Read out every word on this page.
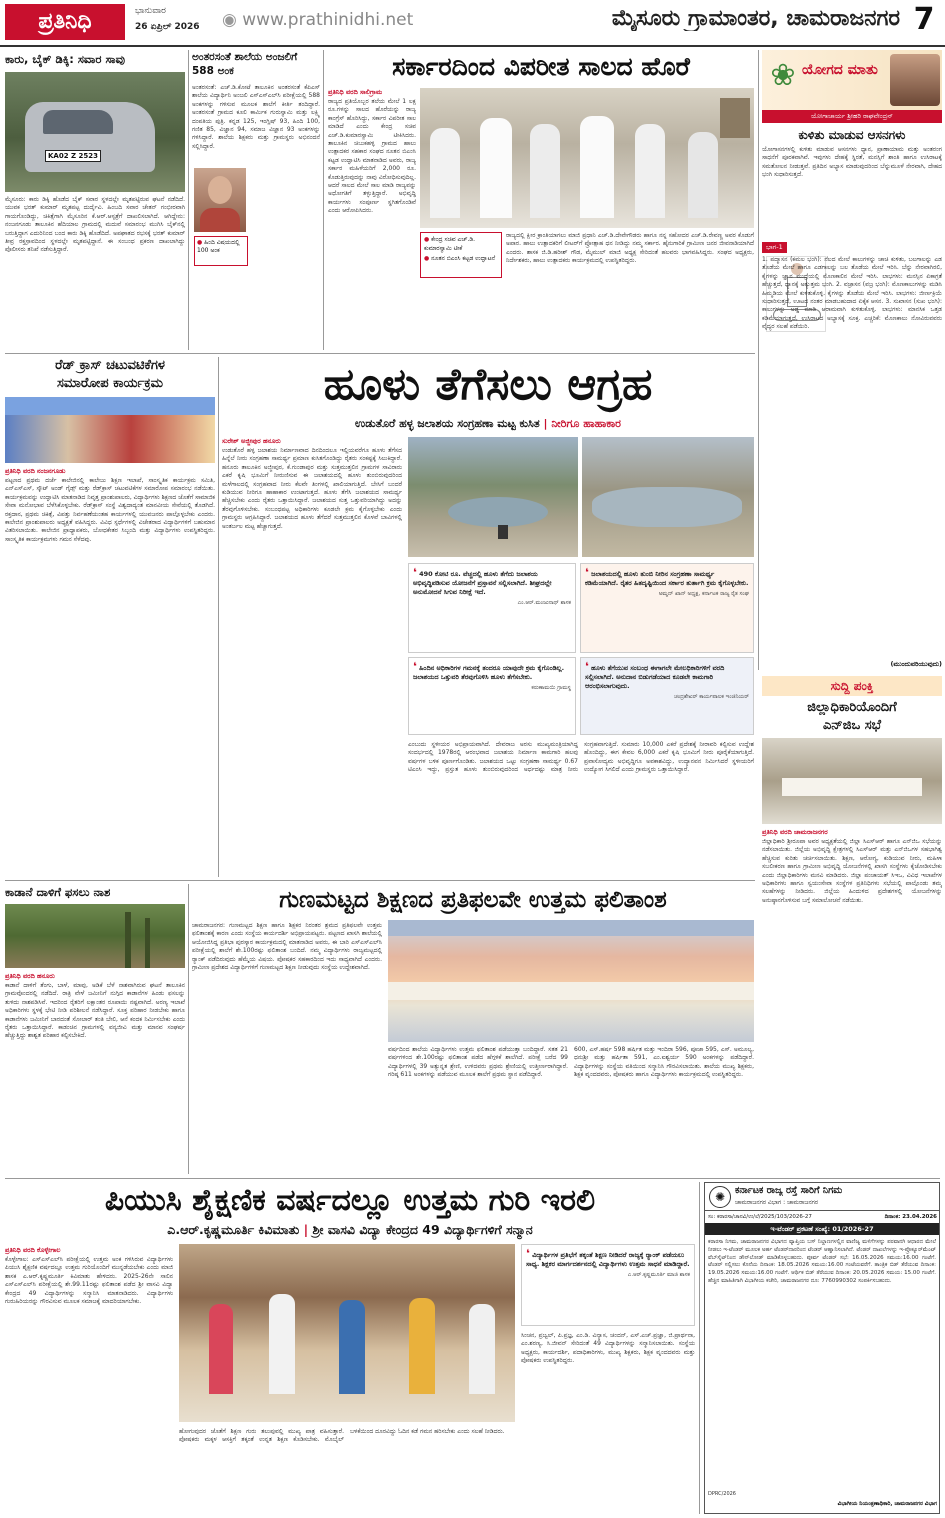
ಪ್ರತಿನಿಧಿ	ಭಾನುವಾರ
26 ಏಪ್ರಿಲ್ 2026 ◉ www.prathinidhi.net	ಮೈಸೂರು ಗ್ರಾಮಾಂತರ, ಚಾಮರಾಜನಗರ 7
ಕಾರು, ಬೈಕ್ ಡಿಕ್ಕಿ: ಸವಾರ ಸಾವು
KA02 Z 2523
ಮೈಸೂರು: ಕಾರು ಡಿಕ್ಕಿ ಹೊಡೆದ ಬೈಕ್ ಸವಾರ ಸ್ಥಳದಲ್ಲೇ ಮೃತಪಟ್ಟಿರುವ ಘಟನೆ ನಡೆದಿದೆ. ಯುವಕ ಭರತ್ ಕುಮಾರ್ ಮೃತಪಟ್ಟ ದುರ್ದೈವಿ. ಹಿಂಬದಿ ಸವಾರ ಚೇತನ್ ಗಂಭೀರವಾಗಿ ಗಾಯಗೊಂಡಿದ್ದು, ಚಿಕಿತ್ಸೆಗಾಗಿ ಮೈಸೂರಿನ ಕೆ.ಆರ್.ಆಸ್ಪತ್ರೆಗೆ ದಾಖಲಿಸಲಾಗಿದೆ. ಆಗಿದ್ದೇನು: ನಂಜನಗೂಡು ತಾಲೂಕಿನ ಹೆದಿಯಾಲ ಗ್ರಾಮದಲ್ಲಿ ಮದುವೆ ಸಮಾರಂಭ ಮುಗಿಸಿ ಬೈಕ್‌ನಲ್ಲಿ ಬರುತ್ತಿದ್ದಾಗ ಎದುರಿನಿಂದ ಬಂದ ಕಾರು ಡಿಕ್ಕಿ ಹೊಡೆದಿದೆ. ಅಪಘಾತದ ರಭಸಕ್ಕೆ ಭರತ್ ಕುಮಾರ್ ತೀವ್ರ ರಕ್ತಸ್ರಾವದಿಂದ ಸ್ಥಳದಲ್ಲೇ ಮೃತಪಟ್ಟಿದ್ದಾನೆ. ಈ ಸಂಬಂಧ ಪ್ರಕರಣ ದಾಖಲಾಗಿದ್ದು ಪೊಲೀಸರು ತನಿಖೆ ನಡೆಸುತ್ತಿದ್ದಾರೆ.
ಅಂತರಸಂತೆ ಶಾಲೆಯ ಅಂಜಲಿಗೆ 588 ಅಂಕ
● ಹಿಂದಿ ವಿಷಯದಲ್ಲಿ 100 ಅಂಕ
ಅಂತರಸಂತೆ: ಎಚ್.ಡಿ.ಕೋಟೆ ತಾಲೂಕಿನ ಅಂತರಸಂತೆ ಕೆಪಿಎಸ್ ಶಾಲೆಯ ವಿದ್ಯಾರ್ಥಿನಿ ಅಂಜಲಿ ಎಸ್ಎಸ್ಎಲ್‌ಸಿ ಪರೀಕ್ಷೆಯಲ್ಲಿ 588 ಅಂಕಗಳನ್ನು ಗಳಿಸುವ ಮೂಲಕ ಶಾಲೆಗೆ ಕೀರ್ತಿ ತಂದಿದ್ದಾರೆ. ಅಂತರಸಂತೆ ಗ್ರಾಮದ ಕೂಲಿ ಕಾರ್ಮಿಕ ಗುರುಸ್ವಾಮಿ ಮತ್ತು ಲಕ್ಷ್ಮಿ ದಂಪತಿಯ ಪುತ್ರಿ. ಕನ್ನಡ 125, ಇಂಗ್ಲಿಷ್ 93, ಹಿಂದಿ 100, ಗಣಿತ 85, ವಿಜ್ಞಾನ 94, ಸಮಾಜ ವಿಜ್ಞಾನ 93 ಅಂಕಗಳನ್ನು ಗಳಿಸಿದ್ದಾರೆ. ಶಾಲೆಯ ಶಿಕ್ಷಕರು ಮತ್ತು ಗ್ರಾಮಸ್ಥರು ಅಭಿನಂದನೆ ಸಲ್ಲಿಸಿದ್ದಾರೆ.
ಸರ್ಕಾರದಿಂದ ವಿಪರೀತ ಸಾಲದ ಹೊರೆ
ಪ್ರತಿನಿಧಿ ವರದಿ ಸಾಲಿಗ್ರಾಮ
ರಾಜ್ಯದ ಪ್ರತಿಯೊಬ್ಬರ ತಲೆಯ ಮೇಲೆ 1 ಲಕ್ಷ ರೂ.ಗಳನ್ನು ಸಾಲದ ಹೊರೆಯನ್ನು ರಾಜ್ಯ ಕಾಂಗ್ರೆಸ್ ಹೊರಿಸಿದ್ದು, ಸರ್ಕಾರ ವಿಪರೀತ ಸಾಲ ಮಾಡಿದೆ ಎಂದು ಕೇಂದ್ರ ಸಚಿವ ಎಚ್.ಡಿ.ಕುಮಾರಸ್ವಾಮಿ ಟೀಕಿಸಿದರು. ತಾಲೂಕಿನ ಚಿಬುಕಹಳ್ಳಿ ಗ್ರಾಮದ ಹಾಲು ಉತ್ಪಾದಕರ ಸಹಕಾರ ಸಂಘದ ನೂತನ ಬಿಎಂಸಿ ಕಟ್ಟಡ ಉದ್ಘಾಟಿಸಿ ಮಾತನಾಡಿದ ಅವರು, ರಾಜ್ಯ ಸರ್ಕಾರ ಮಹಿಳೆಯರಿಗೆ 2,000 ರೂ. ಕೊಡುತ್ತಿರುವುದನ್ನು ನಾವು ವಿರೋಧಿಸುವುದಿಲ್ಲ. ಆದರೆ ಸಾಲದ ಮೇಲೆ ಸಾಲ ಮಾಡಿ ರಾಜ್ಯವನ್ನು ಅಧೋಗತಿಗೆ ತಳ್ಳುತ್ತಿದ್ದಾರೆ. ಅಭಿವೃದ್ಧಿ ಕಾರ್ಯಗಳು ಸಂಪೂರ್ಣ ಸ್ಥಗಿತಗೊಂಡಿವೆ ಎಂದು ಆರೋಪಿಸಿದರು.
● ಕೇಂದ್ರ ಸಚಿವ ಎಚ್.ಡಿ. ಕುಮಾರಸ್ವಾಮಿ ಟೀಕೆ
● ನೂತನ ಬಿಎಂಸಿ ಕಟ್ಟಡ ಉದ್ಘಾಟನೆ
ರಾಜ್ಯದಲ್ಲಿ ಕ್ಷೀರ ಕ್ರಾಂತಿಯಾಗಲು ಮಾಜಿ ಪ್ರಧಾನಿ ಎಚ್.ಡಿ.ದೇವೇಗೌಡರು ಹಾಗೂ ನನ್ನ ಸಹೋದರ ಎಚ್.ಡಿ.ರೇವಣ್ಣ ಅವರ ಕೊಡುಗೆ ಅಪಾರ. ಹಾಲು ಉತ್ಪಾದಕರಿಗೆ ಲೀಟರ್‌ಗೆ ಪ್ರೋತ್ಸಾಹ ಧನ ನೀಡಿದ್ದು ನಮ್ಮ ಸರ್ಕಾರ. ಹೈನುಗಾರಿಕೆ ಗ್ರಾಮೀಣ ಜನರ ಜೀವನಾಡಿಯಾಗಿದೆ ಎಂದರು. ಶಾಸಕ ಜಿ.ಡಿ.ಹರೀಶ್ ಗೌಡ, ಮೈಮುಲ್ ಮಾಜಿ ಅಧ್ಯಕ್ಷ ಸೇರಿದಂತೆ ಹಲವರು ಭಾಗವಹಿಸಿದ್ದರು. ಸಂಘದ ಅಧ್ಯಕ್ಷರು, ನಿರ್ದೇಶಕರು, ಹಾಲು ಉತ್ಪಾದಕರು ಕಾರ್ಯಕ್ರಮದಲ್ಲಿ ಉಪಸ್ಥಿತರಿದ್ದರು.
❀ ಯೋಗದ ಮಾತು
ಯೋಗಾಚಾರ್ಯ ಶ್ರೀಹರಿ ರಾಘವೇಂದ್ರನ್
ಕುಳಿತು ಮಾಡುವ ಆಸನಗಳು
ಯೋಗಾಸನಗಳಲ್ಲಿ ಕುಳಿತು ಮಾಡುವ ಆಸನಗಳು ಧ್ಯಾನ, ಪ್ರಾಣಾಯಾಮ ಮತ್ತು ಅಂತರಂಗ ಸಾಧನೆಗೆ ಪೂರಕವಾಗಿವೆ. ಇವುಗಳು ದೇಹಕ್ಕೆ ಸ್ಥಿರತೆ, ಮನಸ್ಸಿಗೆ ಶಾಂತಿ ಹಾಗೂ ಉಸಿರಾಟಕ್ಕೆ ಸಮತೋಲನ ನೀಡುತ್ತವೆ. ಪ್ರತಿದಿನ ಅಭ್ಯಾಸ ಮಾಡುವುದರಿಂದ ಬೆನ್ನುಮೂಳೆ ನೇರವಾಗಿ, ದೇಹದ ಭಂಗಿ ಸುಧಾರಿಸುತ್ತದೆ.
ಭಾಗ-1
1. ಪದ್ಮಾಸನ (ಕಮಲ ಭಂಗಿ): ನೆಲದ ಮೇಲೆ ಕಾಲುಗಳನ್ನು ಚಾಚಿ ಕುಳಿತು, ಬಲಗಾಲನ್ನು ಎಡ ತೊಡೆಯ ಮೇಲೆ ಹಾಗೂ ಎಡಗಾಲನ್ನು ಬಲ ತೊಡೆಯ ಮೇಲೆ ಇರಿಸಿ. ಬೆನ್ನು ನೇರವಾಗಿರಲಿ, ಕೈಗಳನ್ನು ಜ್ಞಾನ ಮುದ್ರೆಯಲ್ಲಿ ಮೊಣಕಾಲಿನ ಮೇಲೆ ಇರಿಸಿ. ಲಾಭಗಳು: ಮನಸ್ಸಿನ ಏಕಾಗ್ರತೆ ಹೆಚ್ಚುತ್ತದೆ, ಧ್ಯಾನಕ್ಕೆ ಅತ್ಯುತ್ತಮ ಭಂಗಿ. 2. ವಜ್ರಾಸನ (ವಜ್ರ ಭಂಗಿ): ಮೊಣಕಾಲುಗಳನ್ನು ಮಡಿಸಿ ಹಿಮ್ಮಡಿಯ ಮೇಲೆ ಕುಳಿತುಕೊಳ್ಳಿ. ಕೈಗಳನ್ನು ತೊಡೆಯ ಮೇಲೆ ಇರಿಸಿ. ಲಾಭಗಳು: ಜೀರ್ಣಕ್ರಿಯೆ ಸುಧಾರಿಸುತ್ತದೆ, ಊಟದ ನಂತರ ಮಾಡಬಹುದಾದ ಏಕೈಕ ಆಸನ. 3. ಸುಖಾಸನ (ಸುಖ ಭಂಗಿ): ಕಾಲುಗಳನ್ನು ಅಡ್ಡ ಮಾಡಿ ಆರಾಮವಾಗಿ ಕುಳಿತುಕೊಳ್ಳಿ. ಲಾಭಗಳು: ಮಾನಸಿಕ ಒತ್ತಡ ಕಡಿಮೆಯಾಗುತ್ತದೆ, ಉಸಿರಾಟದ ಅಭ್ಯಾಸಕ್ಕೆ ಸೂಕ್ತ. ಎಚ್ಚರಿಕೆ: ಮೊಣಕಾಲು ನೋವಿರುವವರು ವೈದ್ಯರ ಸಲಹೆ ಪಡೆಯಿರಿ.
(ಮುಂದುವರಿಯುವುದು)
ರೆಡ್ ಕ್ರಾಸ್ ಚಟುವಟಿಕೆಗಳ
ಸಮಾರೋಪ ಕಾರ್ಯಕ್ರಮ
ಪ್ರತಿನಿಧಿ ವರದಿ ನಂಜನಗೂಡು
ಪಟ್ಟಣದ ಪ್ರಥಮ ದರ್ಜೆ ಕಾಲೇಜಿನಲ್ಲಿ ಕಾಲೇಜು ಶಿಕ್ಷಣ ಇಲಾಖೆ, ಸಾಂಸ್ಕೃತಿಕ ಕಾರ್ಯಕ್ರಮ ಸಮಿತಿ, ಎನ್‌ಎಸ್‌ಎಸ್, ಸ್ಕೌಟ್ ಅಂಡ್ ಗೈಡ್ಸ್ ಮತ್ತು ರೆಡ್‌ಕ್ರಾಸ್ ಚಟುವಟಿಕೆಗಳ ಸಮಾರೋಪ ಸಮಾರಂಭ ನಡೆಯಿತು. ಕಾರ್ಯಕ್ರಮವನ್ನು ಉದ್ಘಾಟಿಸಿ ಮಾತನಾಡಿದ ನಿವೃತ್ತ ಪ್ರಾಂಶುಪಾಲರು, ವಿದ್ಯಾರ್ಥಿಗಳು ಶಿಕ್ಷಣದ ಜೊತೆಗೆ ಸಾಮಾಜಿಕ ಸೇವಾ ಮನೋಭಾವ ಬೆಳೆಸಿಕೊಳ್ಳಬೇಕು. ರೆಡ್‌ಕ್ರಾಸ್ ಸಂಸ್ಥೆ ವಿಶ್ವದಾದ್ಯಂತ ಮಾನವೀಯ ಸೇವೆಯಲ್ಲಿ ತೊಡಗಿದೆ. ರಕ್ತದಾನ, ಪ್ರಥಮ ಚಿಕಿತ್ಸೆ, ವಿಪತ್ತು ನಿರ್ವಹಣೆಯಂತಹ ಕಾರ್ಯಗಳಲ್ಲಿ ಯುವಜನರು ಪಾಲ್ಗೊಳ್ಳಬೇಕು ಎಂದರು. ಕಾಲೇಜಿನ ಪ್ರಾಂಶುಪಾಲರು ಅಧ್ಯಕ್ಷತೆ ವಹಿಸಿದ್ದರು. ವಿವಿಧ ಸ್ಪರ್ಧೆಗಳಲ್ಲಿ ವಿಜೇತರಾದ ವಿದ್ಯಾರ್ಥಿಗಳಿಗೆ ಬಹುಮಾನ ವಿತರಿಸಲಾಯಿತು. ಕಾಲೇಜಿನ ಪ್ರಾಧ್ಯಾಪಕರು, ಬೋಧಕೇತರ ಸಿಬ್ಬಂದಿ ಮತ್ತು ವಿದ್ಯಾರ್ಥಿಗಳು ಉಪಸ್ಥಿತರಿದ್ದರು. ಸಾಂಸ್ಕೃತಿಕ ಕಾರ್ಯಕ್ರಮಗಳು ಗಮನ ಸೆಳೆದವು.
ಹೂಳು ತೆಗೆಸಲು ಆಗ್ರಹ
ಉಡುತೊರೆ ಹಳ್ಳ ಜಲಾಶಯ ಸಂಗ್ರಹಣಾ ಮಟ್ಟ ಕುಸಿತ | ನೀರಿಗೂ ಹಾಹಾಕಾರ
ಸುರೇಶ್ ಅಜ್ಜೀಪುರ ಹನೂರು
ಉಡುತೊರೆ ಹಳ್ಳ ಜಲಾಶಯ ನಿರ್ಮಾಣವಾದ ದಿನದಿಂದಲೂ ಇಲ್ಲಿಯವರೆಗೂ ಹೂಳು ತೆಗೆಸದ ಹಿನ್ನೆಲೆ ನೀರು ಸಂಗ್ರಹಣಾ ಸಾಮರ್ಥ್ಯ ಪ್ರಮಾಣ ಕುಸಿತಗೊಂಡಿದ್ದು ರೈತರು ಸಂಕಷ್ಟಕ್ಕೆ ಸಿಲುಕಿದ್ದಾರೆ. ಹನೂರು ತಾಲೂಕಿನ ಅಜ್ಜೀಪುರ, ಕೆ.ಗುಂಡಾಪುರ ಮತ್ತು ಸುತ್ತಮುತ್ತಲಿನ ಗ್ರಾಮಗಳ ಸಾವಿರಾರು ಎಕರೆ ಕೃಷಿ ಭೂಮಿಗೆ ನೀರುಣಿಸುವ ಈ ಜಲಾಶಯದಲ್ಲಿ ಹೂಳು ತುಂಬಿರುವುದರಿಂದ ಮಳೆಗಾಲದಲ್ಲಿ ಸಂಗ್ರಹವಾದ ನೀರು ಕೆಲವೇ ತಿಂಗಳಲ್ಲಿ ಖಾಲಿಯಾಗುತ್ತಿದೆ. ಬೇಸಿಗೆ ಬಂದರೆ ಕುಡಿಯುವ ನೀರಿಗೂ ಹಾಹಾಕಾರ ಉಂಟಾಗುತ್ತದೆ. ಹೂಳು ತೆಗೆಸಿ ಜಲಾಶಯದ ಸಾಮರ್ಥ್ಯ ಹೆಚ್ಚಿಸಬೇಕು ಎಂದು ರೈತರು ಒತ್ತಾಯಿಸಿದ್ದಾರೆ. ಜಲಾಶಯದ ಸುತ್ತ ಒತ್ತುವರಿಯಾಗಿದ್ದು ಅದನ್ನು ತೆರವುಗೊಳಿಸಬೇಕು. ಸಂಬಂಧಪಟ್ಟ ಅಧಿಕಾರಿಗಳು ಕೂಡಲೇ ಕ್ರಮ ಕೈಗೊಳ್ಳಬೇಕು ಎಂದು ಗ್ರಾಮಸ್ಥರು ಆಗ್ರಹಿಸಿದ್ದಾರೆ. ಜಲಾಶಯದ ಹೂಳು ತೆಗೆದರೆ ಸುತ್ತಮುತ್ತಲಿನ ಕೊಳವೆ ಬಾವಿಗಳಲ್ಲಿ ಅಂತರ್ಜಲ ಮಟ್ಟ ಹೆಚ್ಚಾಗುತ್ತದೆ.
❛ 490 ಕೋಟಿ ರೂ. ವೆಚ್ಚದಲ್ಲಿ ಹೂಳು ತೆಗೆದು ಜಲಾಶಯ ಅಭಿವೃದ್ಧಿಪಡಿಸುವ ಯೋಜನೆಗೆ ಪ್ರಸ್ತಾವನೆ ಸಲ್ಲಿಸಲಾಗಿದೆ. ಶೀಘ್ರದಲ್ಲೇ ಅನುಮೋದನೆ ಸಿಗುವ ನಿರೀಕ್ಷೆ ಇದೆ.
ಎಂ.ಆರ್.ಮಂಜುನಾಥ್ ಶಾಸಕ
❛ ಜಲಾಶಯದಲ್ಲಿ ಹೂಳು ತುಂಬಿ ನೀರಿನ ಸಂಗ್ರಹಣಾ ಸಾಮರ್ಥ್ಯ ಕಡಿಮೆಯಾಗಿದೆ. ರೈತರ ಹಿತದೃಷ್ಟಿಯಿಂದ ಸರ್ಕಾರ ತುರ್ತಾಗಿ ಕ್ರಮ ಕೈಗೊಳ್ಳಬೇಕು.
ಅಮ್ಜದ್ ಖಾನ್ ಅಧ್ಯಕ್ಷ, ಕರ್ನಾಟಕ ರಾಜ್ಯ ರೈತ ಸಂಘ
❛ ಹಿಂದಿನ ಅಧಿಕಾರಿಗಳ ಗಮನಕ್ಕೆ ತಂದರೂ ಯಾವುದೇ ಕ್ರಮ ಕೈಗೊಂಡಿಲ್ಲ. ಜಲಾಶಯದ ಒತ್ತುವರಿ ತೆರವುಗೊಳಿಸಿ ಹೂಳು ತೆಗೆಸಬೇಕು.
ಕರುಣಾಮಯಿ ಗ್ರಾಮಸ್ಥ
❛ ಹೂಳು ತೆಗೆಯುವ ಸಂಬಂಧ ಈಗಾಗಲೇ ಮೇಲಧಿಕಾರಿಗಳಿಗೆ ವರದಿ ಸಲ್ಲಿಸಲಾಗಿದೆ. ಅನುದಾನ ಬಿಡುಗಡೆಯಾದ ಕೂಡಲೇ ಕಾಮಗಾರಿ ಆರಂಭಿಸಲಾಗುವುದು.
ಚಂದ್ರಶೇಖರ್ ಕಾರ್ಯಪಾಲಕ ಇಂಜಿನಿಯರ್
ಎಂಬುದು ಸ್ಥಳೀಯರ ಅಭಿಪ್ರಾಯವಾಗಿದೆ. ದೇವರಾಜ ಅರಸು ಮುಖ್ಯಮಂತ್ರಿಯಾಗಿದ್ದ ಸಂದರ್ಭದಲ್ಲಿ 1978ರಲ್ಲಿ ಆರಂಭವಾದ ಜಲಾಶಯ ನಿರ್ಮಾಣ ಕಾಮಗಾರಿ ಹಲವು ವರ್ಷಗಳ ಬಳಿಕ ಪೂರ್ಣಗೊಂಡಿತು. ಜಲಾಶಯದ ಒಟ್ಟು ಸಂಗ್ರಹಣಾ ಸಾಮರ್ಥ್ಯ 0.67 ಟಿಎಂಸಿ ಇದ್ದು, ಪ್ರಸ್ತುತ ಹೂಳು ತುಂಬಿರುವುದರಿಂದ ಅರ್ಧದಷ್ಟು ಮಾತ್ರ ನೀರು ಸಂಗ್ರಹವಾಗುತ್ತಿದೆ. ಸುಮಾರು 10,000 ಎಕರೆ ಪ್ರದೇಶಕ್ಕೆ ನೀರಾವರಿ ಕಲ್ಪಿಸುವ ಉದ್ದೇಶ ಹೊಂದಿದ್ದು, ಈಗ ಕೇವಲ 6,000 ಎಕರೆ ಕೃಷಿ ಭೂಮಿಗೆ ನೀರು ಪೂರೈಕೆಯಾಗುತ್ತಿದೆ. ಪ್ರವಾಸೋದ್ಯಮ ಅಭಿವೃದ್ಧಿಗೂ ಅವಕಾಶವಿದ್ದು, ಉದ್ಯಾನವನ ನಿರ್ಮಿಸಿದರೆ ಸ್ಥಳೀಯರಿಗೆ ಉದ್ಯೋಗ ಸಿಗಲಿದೆ ಎಂದು ಗ್ರಾಮಸ್ಥರು ಒತ್ತಾಯಿಸಿದ್ದಾರೆ.
ಸುದ್ದಿ ಪಂಕ್ತಿ
ಜಿಲ್ಲಾಧಿಕಾರಿಯೊಂದಿಗೆ
ಎನ್‌ಜಿಒ ಸಭೆ
ಪ್ರತಿನಿಧಿ ವರದಿ ಚಾಮರಾಜನಗರ
ಜಿಲ್ಲಾಧಿಕಾರಿ ಶ್ರೀರೂಪಾ ಅವರ ಅಧ್ಯಕ್ಷತೆಯಲ್ಲಿ ಜಿಲ್ಲಾ ಸಿಎಸ್‌ಆರ್ ಹಾಗೂ ಎನ್‌ಜಿಒ ಸಭೆಯನ್ನು ನಡೆಸಲಾಯಿತು. ಜಿಲ್ಲೆಯ ಅಭಿವೃದ್ಧಿ ಕ್ಷೇತ್ರಗಳಲ್ಲಿ ಸಿಎಸ್‌ಆರ್ ಮತ್ತು ಎನ್‌ಜಿಒಗಳ ಸಹಭಾಗಿತ್ವ ಹೆಚ್ಚಿಸುವ ಕುರಿತು ಚರ್ಚಿಸಲಾಯಿತು. ಶಿಕ್ಷಣ, ಆರೋಗ್ಯ, ಕುಡಿಯುವ ನೀರು, ಮಹಿಳಾ ಸಬಲೀಕರಣ ಹಾಗೂ ಗ್ರಾಮೀಣ ಅಭಿವೃದ್ಧಿ ಯೋಜನೆಗಳಲ್ಲಿ ಖಾಸಗಿ ಸಂಸ್ಥೆಗಳು ಕೈಜೋಡಿಸಬೇಕು ಎಂದು ಜಿಲ್ಲಾಧಿಕಾರಿಗಳು ಮನವಿ ಮಾಡಿದರು. ಜಿಲ್ಲಾ ಪಂಚಾಯತ್ ಸಿಇಒ, ವಿವಿಧ ಇಲಾಖೆಗಳ ಅಧಿಕಾರಿಗಳು ಹಾಗೂ ಸ್ವಯಂಸೇವಾ ಸಂಸ್ಥೆಗಳ ಪ್ರತಿನಿಧಿಗಳು ಸಭೆಯಲ್ಲಿ ಪಾಲ್ಗೊಂಡು ತಮ್ಮ ಸಲಹೆಗಳನ್ನು ನೀಡಿದರು. ಜಿಲ್ಲೆಯ ಹಿಂದುಳಿದ ಪ್ರದೇಶಗಳಲ್ಲಿ ಯೋಜನೆಗಳನ್ನು ಅನುಷ್ಠಾನಗೊಳಿಸುವ ಬಗ್ಗೆ ಸಮಾಲೋಚನೆ ನಡೆಯಿತು.
ಕಾಡಾನೆ ದಾಳಿಗೆ ಫಸಲು ನಾಶ
ಪ್ರತಿನಿಧಿ ವರದಿ ಹನೂರು
ಕಾಡಾನೆ ದಾಳಿಗೆ ತೆಂಗು, ಬಾಳೆ, ಮಾವು, ಅಡಿಕೆ ಬೆಳೆ ನಾಶವಾಗಿರುವ ಘಟನೆ ತಾಲೂಕಿನ ಗ್ರಾಮವೊಂದರಲ್ಲಿ ನಡೆದಿದೆ. ರಾತ್ರಿ ವೇಳೆ ಜಮೀನಿಗೆ ನುಗ್ಗಿದ ಕಾಡಾನೆಗಳ ಹಿಂಡು ಫಸಲನ್ನು ತುಳಿದು ನಾಶಪಡಿಸಿವೆ. ಇದರಿಂದ ರೈತರಿಗೆ ಲಕ್ಷಾಂತರ ರೂಪಾಯಿ ನಷ್ಟವಾಗಿದೆ. ಅರಣ್ಯ ಇಲಾಖೆ ಅಧಿಕಾರಿಗಳು ಸ್ಥಳಕ್ಕೆ ಭೇಟಿ ನೀಡಿ ಪರಿಶೀಲನೆ ನಡೆಸಿದ್ದಾರೆ. ಸೂಕ್ತ ಪರಿಹಾರ ನೀಡಬೇಕು ಹಾಗೂ ಕಾಡಾನೆಗಳು ಜಮೀನಿಗೆ ಬಾರದಂತೆ ಸೋಲಾರ್ ತಂತಿ ಬೇಲಿ, ಆನೆ ಕಂದಕ ನಿರ್ಮಿಸಬೇಕು ಎಂದು ರೈತರು ಒತ್ತಾಯಿಸಿದ್ದಾರೆ. ಕಾಡಂಚಿನ ಗ್ರಾಮಗಳಲ್ಲಿ ವನ್ಯಜೀವಿ ಮತ್ತು ಮಾನವ ಸಂಘರ್ಷ ಹೆಚ್ಚುತ್ತಿದ್ದು ಶಾಶ್ವತ ಪರಿಹಾರ ಕಲ್ಪಿಸಬೇಕಿದೆ.
ಗುಣಮಟ್ಟದ ಶಿಕ್ಷಣದ ಪ್ರತಿಫಲವೇ ಉತ್ತಮ ಫಲಿತಾಂಶ
ಚಾಮರಾಜನಗರ: ಗುಣಮಟ್ಟದ ಶಿಕ್ಷಣ ಹಾಗೂ ಶಿಕ್ಷಕರ ನಿರಂತರ ಶ್ರಮದ ಪ್ರತಿಫಲವೇ ಉತ್ತಮ ಫಲಿತಾಂಶಕ್ಕೆ ಕಾರಣ ಎಂದು ಸಂಸ್ಥೆಯ ಕಾರ್ಯದರ್ಶಿ ಅಭಿಪ್ರಾಯಪಟ್ಟರು. ಪಟ್ಟಣದ ಖಾಸಗಿ ಶಾಲೆಯಲ್ಲಿ ಆಯೋಜಿಸಿದ್ದ ಪ್ರತಿಭಾ ಪುರಸ್ಕಾರ ಕಾರ್ಯಕ್ರಮದಲ್ಲಿ ಮಾತನಾಡಿದ ಅವರು, ಈ ಬಾರಿ ಎಸ್ಎಸ್ಎಲ್‌ಸಿ ಪರೀಕ್ಷೆಯಲ್ಲಿ ಶಾಲೆಗೆ ಶೇ.100ರಷ್ಟು ಫಲಿತಾಂಶ ಬಂದಿದೆ. ನಮ್ಮ ವಿದ್ಯಾರ್ಥಿಗಳು ರಾಜ್ಯಮಟ್ಟದಲ್ಲಿ ರ‍್ಯಾಂಕ್ ಪಡೆದಿರುವುದು ಹೆಮ್ಮೆಯ ವಿಷಯ. ಪೋಷಕರ ಸಹಕಾರದಿಂದ ಇದು ಸಾಧ್ಯವಾಗಿದೆ ಎಂದರು. ಗ್ರಾಮೀಣ ಪ್ರದೇಶದ ವಿದ್ಯಾರ್ಥಿಗಳಿಗೆ ಗುಣಮಟ್ಟದ ಶಿಕ್ಷಣ ನೀಡುವುದು ಸಂಸ್ಥೆಯ ಉದ್ದೇಶವಾಗಿದೆ.
ವರ್ಷದಿಂದ ಶಾಲೆಯ ವಿದ್ಯಾರ್ಥಿಗಳು ಉತ್ತಮ ಫಲಿತಾಂಶ ಪಡೆಯುತ್ತಾ ಬಂದಿದ್ದಾರೆ. ಸತತ 21 ವರ್ಷಗಳಿಂದ ಶೇ.100ರಷ್ಟು ಫಲಿತಾಂಶ ಪಡೆದ ಹೆಗ್ಗಳಿಕೆ ಶಾಲೆಗಿದೆ. ಪರೀಕ್ಷೆ ಬರೆದ 99 ವಿದ್ಯಾರ್ಥಿಗಳಲ್ಲಿ 39 ಅತ್ಯುನ್ನತ ಶ್ರೇಣಿ, ಉಳಿದವರು ಪ್ರಥಮ ಶ್ರೇಣಿಯಲ್ಲಿ ಉತ್ತೀರ್ಣರಾಗಿದ್ದಾರೆ. ಗರಿಷ್ಠ 611 ಅಂಕಗಳನ್ನು ಪಡೆಯುವ ಮೂಲಕ ಶಾಲೆಗೆ ಪ್ರಥಮ ಸ್ಥಾನ ಪಡೆದಿದ್ದಾರೆ.
600, ಎಸ್.ಹರ್ಷ 598 ಹರ್ಷಿತ ಮತ್ತು ಇಂದಿರಾ 596, ಪೂಜಾ 595, ಎಸ್. ಅಮೂಲ್ಯ, ಧನುಶ್ರೀ ಮತ್ತು ಹರ್ಷಿತಾ 591, ಎಂ.ಐಶ್ವರ್ಯ 590 ಅಂಕಗಳನ್ನು ಪಡೆದಿದ್ದಾರೆ. ವಿದ್ಯಾರ್ಥಿಗಳನ್ನು ಸಂಸ್ಥೆಯ ವತಿಯಿಂದ ಸನ್ಮಾನಿಸಿ ಗೌರವಿಸಲಾಯಿತು. ಶಾಲೆಯ ಮುಖ್ಯ ಶಿಕ್ಷಕರು, ಶಿಕ್ಷಕ ವೃಂದದವರು, ಪೋಷಕರು ಹಾಗೂ ವಿದ್ಯಾರ್ಥಿಗಳು ಕಾರ್ಯಕ್ರಮದಲ್ಲಿ ಉಪಸ್ಥಿತರಿದ್ದರು.
ಪಿಯುಸಿ ಶೈಕ್ಷಣಿಕ ವರ್ಷದಲ್ಲೂ ಉತ್ತಮ ಗುರಿ ಇರಲಿ
ಎ.ಆರ್.ಕೃಷ್ಣಮೂರ್ತಿ ಕಿವಿಮಾತು | ಶ್ರೀ ವಾಸವಿ ವಿದ್ಯಾ ಕೇಂದ್ರದ 49 ವಿದ್ಯಾರ್ಥಿಗಳಿಗೆ ಸನ್ಮಾನ
ಪ್ರತಿನಿಧಿ ವರದಿ ಕೊಳ್ಳೇಗಾಲ
ಕೊಳ್ಳೇಗಾಲ: ಎಸ್ಎಸ್ಎಲ್‌ಸಿ ಪರೀಕ್ಷೆಯಲ್ಲಿ ಉತ್ತಮ ಅಂಕ ಗಳಿಸಿರುವ ವಿದ್ಯಾರ್ಥಿಗಳು ಪಿಯುಸಿ ಶೈಕ್ಷಣಿಕ ವರ್ಷದಲ್ಲೂ ಉತ್ತಮ ಗುರಿಯೊಂದಿಗೆ ಮುನ್ನಡೆಯಬೇಕು ಎಂದು ಮಾಜಿ ಶಾಸಕ ಎ.ಆರ್.ಕೃಷ್ಣಮೂರ್ತಿ ಕಿವಿಮಾತು ಹೇಳಿದರು. 2025-26ನೇ ಸಾಲಿನ ಎಸ್ಎಸ್ಎಲ್‌ಸಿ ಪರೀಕ್ಷೆಯಲ್ಲಿ ಶೇ.99.11ರಷ್ಟು ಫಲಿತಾಂಶ ಪಡೆದ ಶ್ರೀ ವಾಸವಿ ವಿದ್ಯಾ ಕೇಂದ್ರದ 49 ವಿದ್ಯಾರ್ಥಿಗಳನ್ನು ಸನ್ಮಾನಿಸಿ ಮಾತನಾಡಿದರು. ವಿದ್ಯಾರ್ಥಿಗಳು ಗುರುಹಿರಿಯರನ್ನು ಗೌರವಿಸುವ ಮೂಲಕ ಸಮಾಜಕ್ಕೆ ಮಾದರಿಯಾಗಬೇಕು.
❛ ವಿದ್ಯಾರ್ಥಿಗಳ ಪ್ರತಿಭೆಗೆ ತಕ್ಕಂತೆ ಶಿಕ್ಷಣ ನೀಡಿದರೆ ರಾಜ್ಯಕ್ಕೆ ರ‍್ಯಾಂಕ್ ಪಡೆಯಲು ಸಾಧ್ಯ. ಶಿಕ್ಷಕರ ಮಾರ್ಗದರ್ಶನದಲ್ಲಿ ವಿದ್ಯಾರ್ಥಿಗಳು ಉತ್ತಮ ಸಾಧನೆ ಮಾಡಿದ್ದಾರೆ.
ಎ.ಆರ್.ಕೃಷ್ಣಮೂರ್ತಿ ಮಾಜಿ ಶಾಸಕ
ಹೋಗುವುದರ ಜೊತೆಗೆ ಶಿಕ್ಷಣ ಗುರು ತಲುಪುವಲ್ಲಿ ಮುಖ್ಯ ಪಾತ್ರ ವಹಿಸುತ್ತಾರೆ. ಪೋಷಕರು ಮಕ್ಕಳ ಆಸಕ್ತಿಗೆ ತಕ್ಕಂತೆ ಉನ್ನತ ಶಿಕ್ಷಣ ಕೊಡಿಸಬೇಕು. ಮೊಬೈಲ್ ಬಳಕೆಯಿಂದ ದೂರವಿದ್ದು ಓದಿನ ಕಡೆ ಗಮನ ಹರಿಸಬೇಕು ಎಂದು ಸಲಹೆ ನೀಡಿದರು.
ಸಿಂಚನ, ಪ್ರಜ್ವಲ್, ಪಿ.ಪ್ರಜ್ಞ, ಎಂ.ಡಿ. ವಿನ್ಯಾಸ, ಚಂದನ್, ಎಸ್.ಎಚ್.ಪ್ರಜ್ಞಾ, ಜಿ.ಪ್ರಾರ್ಥನಾ, ಎಂ.ಶರಣ್ಯ, ಸಿ.ಜೀವನ್ ಸೇರಿದಂತೆ 49 ವಿದ್ಯಾರ್ಥಿಗಳನ್ನು ಸನ್ಮಾನಿಸಲಾಯಿತು. ಸಂಸ್ಥೆಯ ಅಧ್ಯಕ್ಷರು, ಕಾರ್ಯದರ್ಶಿ, ಪದಾಧಿಕಾರಿಗಳು, ಮುಖ್ಯ ಶಿಕ್ಷಕರು, ಶಿಕ್ಷಕ ವೃಂದದವರು ಮತ್ತು ಪೋಷಕರು ಉಪಸ್ಥಿತರಿದ್ದರು.
✺	ಕರ್ನಾಟಕ ರಾಜ್ಯ ರಸ್ತೆ ಸಾರಿಗೆ ನಿಗಮ
ಚಾಮರಾಜನಗರ ವಿಭಾಗ : ಚಾಮರಾಜನಗರ
ಸಂ: ಕರಾರಸಾ/ಚಾನವಿ/ಉ/ಲೆ/2025/103/2026-27	ದಿನಾಂಕ: 23.04.2026
ಇ-ಟೆಂಡರ್ ಪ್ರಕಟಣೆ ಸಂಖ್ಯೆ: 01/2026-27
ಕರಾರಸಾ ನಿಗಮ, ಚಾಮರಾಜನಗರ ವಿಭಾಗದ ವ್ಯಾಪ್ತಿಯ ಬಸ್ ನಿಲ್ದಾಣಗಳಲ್ಲಿನ ವಾಣಿಜ್ಯ ಮಳಿಗೆಗಳನ್ನು ಪರವಾನಗಿ ಆಧಾರದ ಮೇಲೆ ನೀಡಲು ಇ-ಟೆಂಡರ್ ಮೂಲಕ ಅರ್ಹ ಟೆಂಡರ್‌ದಾರರಿಂದ ಟೆಂಡರ್ ಆಹ್ವಾನಿಸಲಾಗಿದೆ. ಟೆಂಡರ್ ದಾಖಲೆಗಳನ್ನು ಇ-ಪ್ರೊಕ್ಯೂರ್‌ಮೆಂಟ್ ವೆಬ್‌ಸೈಟ್‌ನಿಂದ ಡೌನ್‌ಲೋಡ್ ಮಾಡಿಕೊಳ್ಳಬಹುದು. ಪೂರ್ವ ಟೆಂಡರ್ ಸಭೆ: 16.05.2026 ಸಮಯ:16.00 ಗಂಟೆಗೆ. ಟೆಂಡರ್ ಸಲ್ಲಿಸಲು ಕೊನೆಯ ದಿನಾಂಕ: 18.05.2026 ಸಮಯ:16.00 ಗಂಟೆಯವರೆಗೆ. ತಾಂತ್ರಿಕ ಬಿಡ್ ತೆರೆಯುವ ದಿನಾಂಕ: 19.05.2026 ಸಮಯ:16.00 ಗಂಟೆಗೆ. ಆರ್ಥಿಕ ಬಿಡ್ ತೆರೆಯುವ ದಿನಾಂಕ: 20.05.2026 ಸಮಯ: 15.00 ಗಂಟೆಗೆ. ಹೆಚ್ಚಿನ ಮಾಹಿತಿಗಾಗಿ ವಿಭಾಗೀಯ ಕಚೇರಿ, ಚಾಮರಾಜನಗರ ದೂ: 7760990302 ಸಂಪರ್ಕಿಸಬಹುದು.
DPRC/2026
ವಿಭಾಗೀಯ ನಿಯಂತ್ರಣಾಧಿಕಾರಿ, ಚಾಮರಾಜನಗರ ವಿಭಾಗ
